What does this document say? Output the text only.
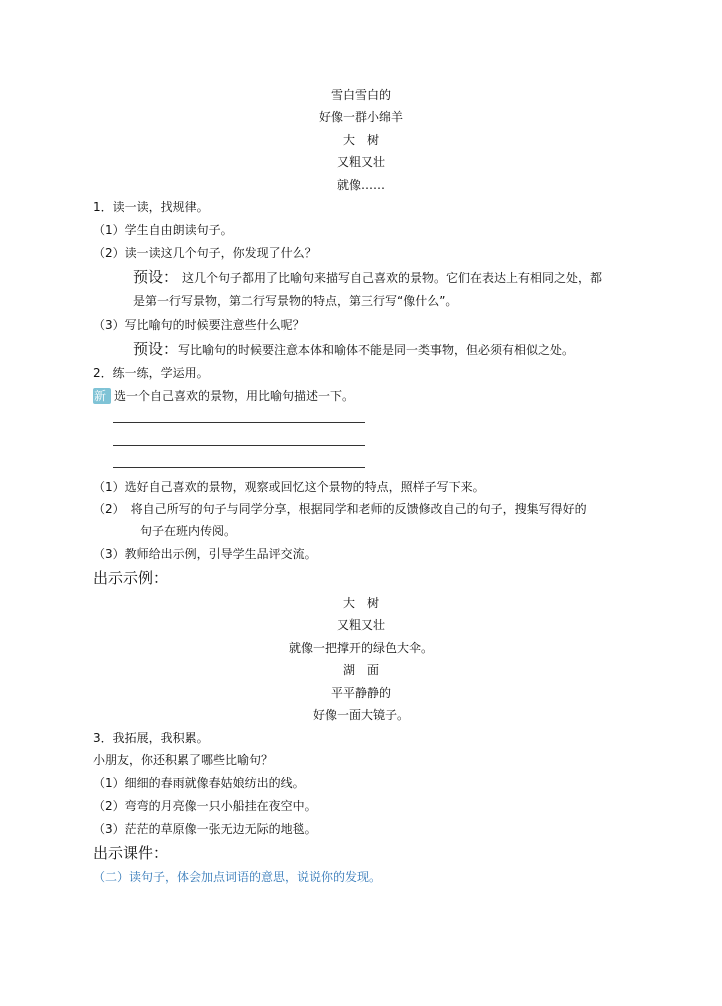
雪白雪白的
好像一群小绵羊
大　树
又粗又壮
就像……
1．读一读，找规律。
（1）学生自由朗读句子。
（2）读一读这几个句子，你发现了什么？
预设： 这几个句子都用了比喻句来描写自己喜欢的景物。它们在表达上有相同之处，都
是第一行写景物，第二行写景物的特点，第三行写“像什么”。
（3）写比喻句的时候要注意些什么呢？
预设：写比喻句的时候要注意本体和喻体不能是同一类事物，但必须有相似之处。
2．练一练，学运用。
新 选一个自己喜欢的景物，用比喻句描述一下。
（1）选好自己喜欢的景物，观察或回忆这个景物的特点，照样子写下来。
（2）　将自己所写的句子与同学分享，根据同学和老师的反馈修改自己的句子，搜集写得好的
句子在班内传阅。
（3）教师给出示例，引导学生品评交流。
出示示例：
大　树
又粗又壮
就像一把撑开的绿色大伞。
湖　面
平平静静的
好像一面大镜子。
3．我拓展，我积累。
小朋友，你还积累了哪些比喻句？
（1）细细的春雨就像春姑娘纺出的线。
（2）弯弯的月亮像一只小船挂在夜空中。
（3）茫茫的草原像一张无边无际的地毯。
出示课件：
（二）读句子，体会加点词语的意思，说说你的发现。
